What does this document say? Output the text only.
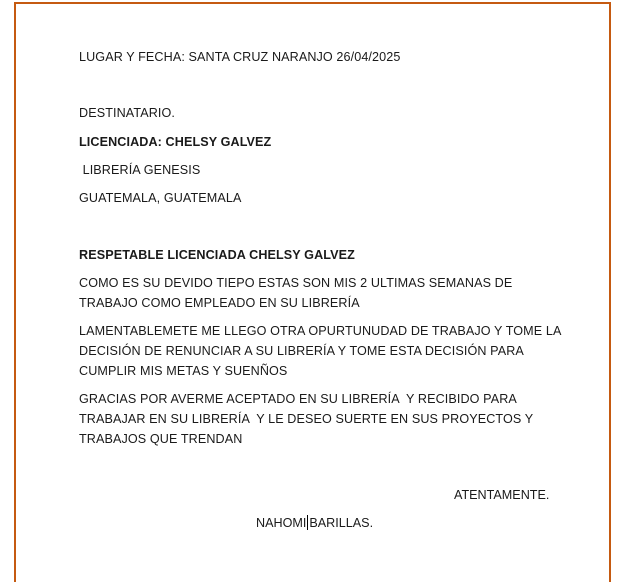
LUGAR Y FECHA: SANTA CRUZ NARANJO 26/04/2025
DESTINATARIO.
LICENCIADA: CHELSY GALVEZ
LIBRERÍA GENESIS
GUATEMALA, GUATEMALA
RESPETABLE LICENCIADA CHELSY GALVEZ
COMO ES SU DEVIDO TIEPO ESTAS SON MIS 2 ULTIMAS SEMANAS DE
TRABAJO COMO EMPLEADO EN SU LIBRERÍA
LAMENTABLEMETE ME LLEGO OTRA OPURTUNUDAD DE TRABAJO Y TOME LA
DECISIÓN DE RENUNCIAR A SU LIBRERÍA Y TOME ESTA DECISIÓN PARA
CUMPLIR MIS METAS Y SUENÑOS
GRACIAS POR AVERME ACEPTADO EN SU LIBRERÍA  Y RECIBIDO PARA
TRABAJAR EN SU LIBRERÍA  Y LE DESEO SUERTE EN SUS PROYECTOS Y
TRABAJOS QUE TRENDAN
ATENTAMENTE.
NAHOMI BARILLAS.
